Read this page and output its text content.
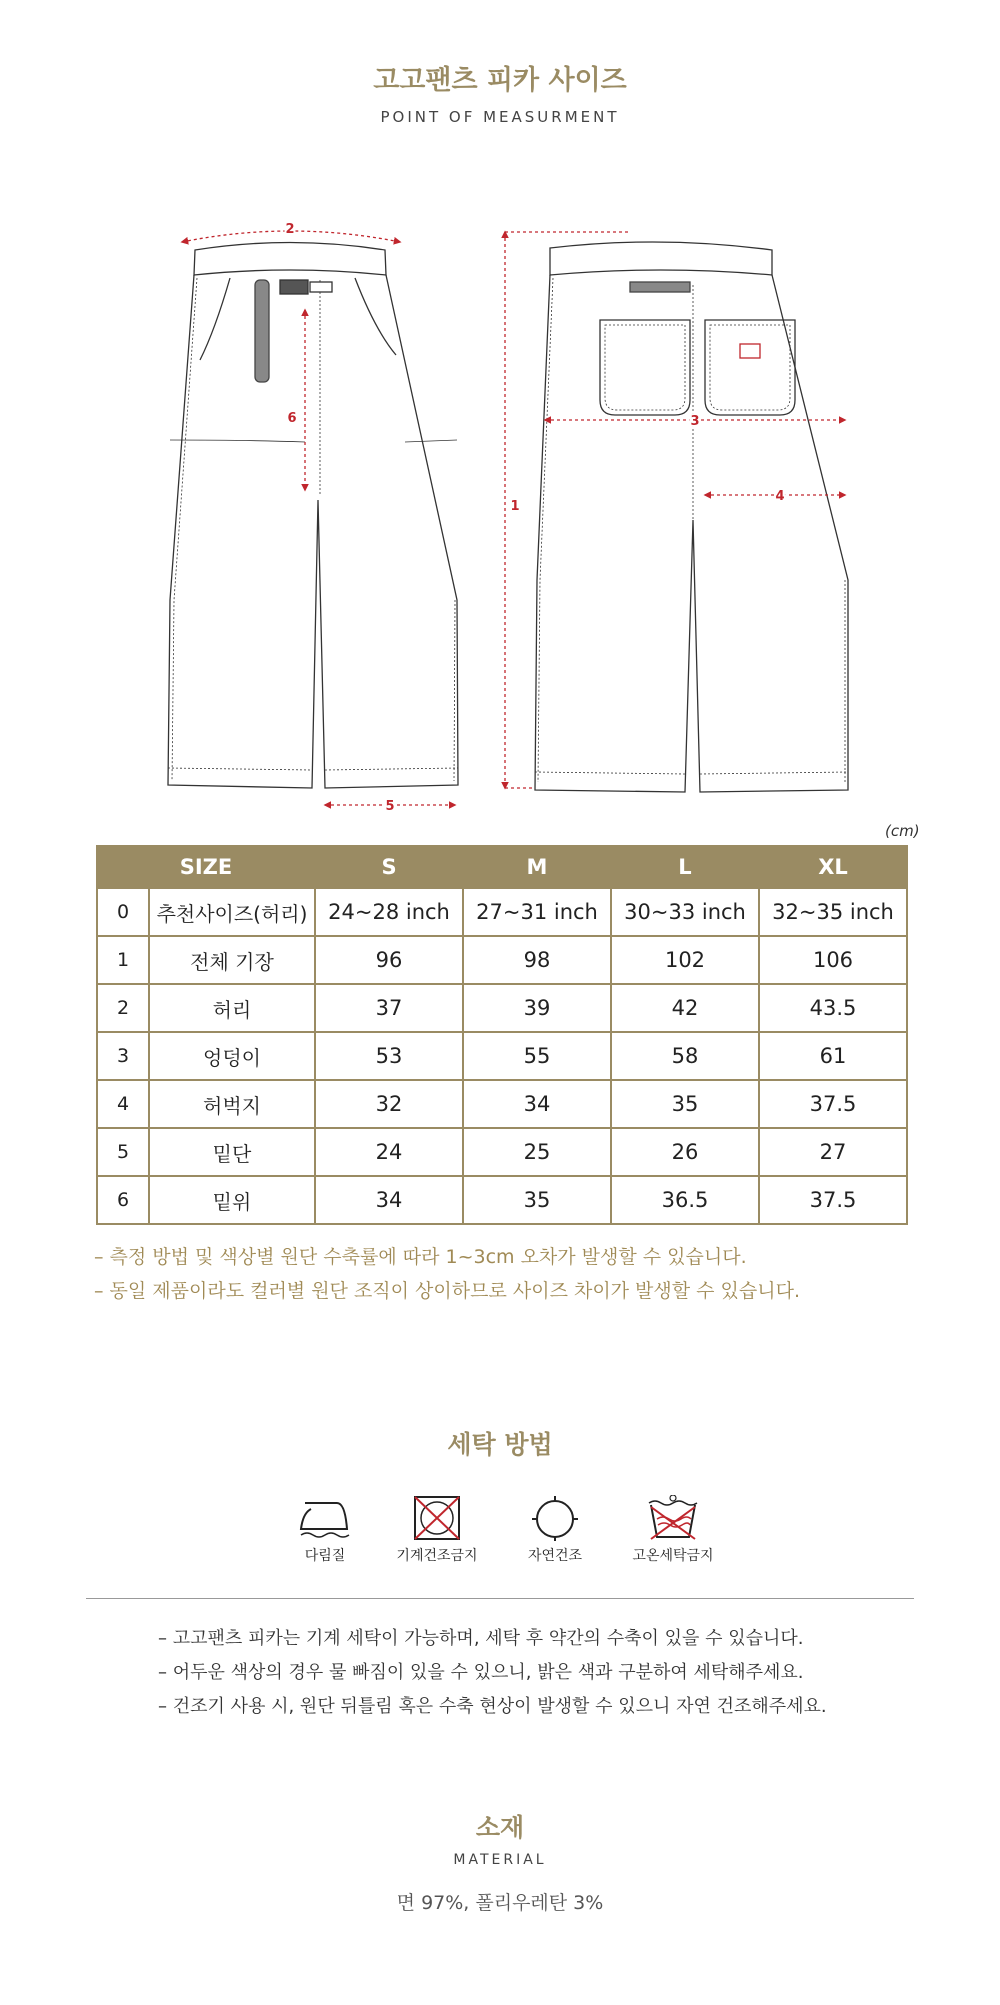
고고팬츠 피카 사이즈
POINT OF MEASURMENT
2
1
6
5
3
4
(cm)
SIZE		S	M	L	XL
0	추천사이즈(허리)	24~28 inch	27~31 inch	30~33 inch	32~35 inch
1	전체 기장	96	98	102	106
2	허리	37	39	42	43.5
3	엉덩이	53	55	58	61
4	허벅지	32	34	35	37.5
5	밑단	24	25	26	27
6	밑위	34	35	36.5	37.5
– 측정 방법 및 색상별 원단 수축률에 따라 1~3cm 오차가 발생할 수 있습니다.
– 동일 제품이라도 컬러별 원단 조직이 상이하므로 사이즈 차이가 발생할 수 있습니다.
세탁 방법
다림질	기계건조금지	자연건조	고온세탁금지
– 고고팬츠 피카는 기계 세탁이 가능하며, 세탁 후 약간의 수축이 있을 수 있습니다.
– 어두운 색상의 경우 물 빠짐이 있을 수 있으니, 밝은 색과 구분하여 세탁해주세요.
– 건조기 사용 시, 원단 뒤틀림 혹은 수축 현상이 발생할 수 있으니 자연 건조해주세요.
소재
MATERIAL
면 97%, 폴리우레탄 3%
